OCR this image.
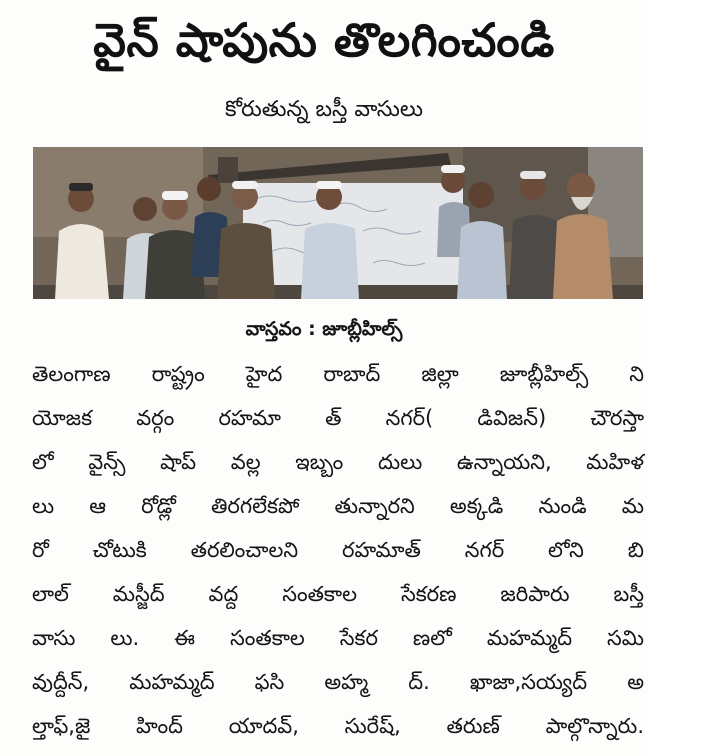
వైన్ షాపును తొలగించండి
కోరుతున్న బస్తీ వాసులు
వాస్తవం : జూబ్లీహిల్స్
తెలంగాణ రాష్ట్రం హైద రాబాద్ జిల్లా జూబ్లీహిల్స్ ని
యోజక వర్గం రహమా త్ నగర్( డివిజన్) చౌరస్తా
లో వైన్స్ షాప్ వల్ల ఇబ్బం దులు ఉన్నాయని, మహిళ
లు ఆ రోడ్లో తిరగలేకపో తున్నారని అక్కడి నుండి మ
రో చోటుకి తరలించాలని రహమాత్ నగర్ లోని బి
లాల్ మస్జీద్ వద్ద సంతకాల సేకరణ జరిపారు బస్తీ
వాసు లు. ఈ సంతకాల సేకర ణలో మహమ్మద్ సమి
వుద్దీన్, మహమ్మద్ ఫసి అహ్మ ద్. ఖాజా,సయ్యద్ అ
ల్తాఫ్,జై హింద్ యాదవ్, సురేష్, తరుణ్ పాల్గొన్నారు.
